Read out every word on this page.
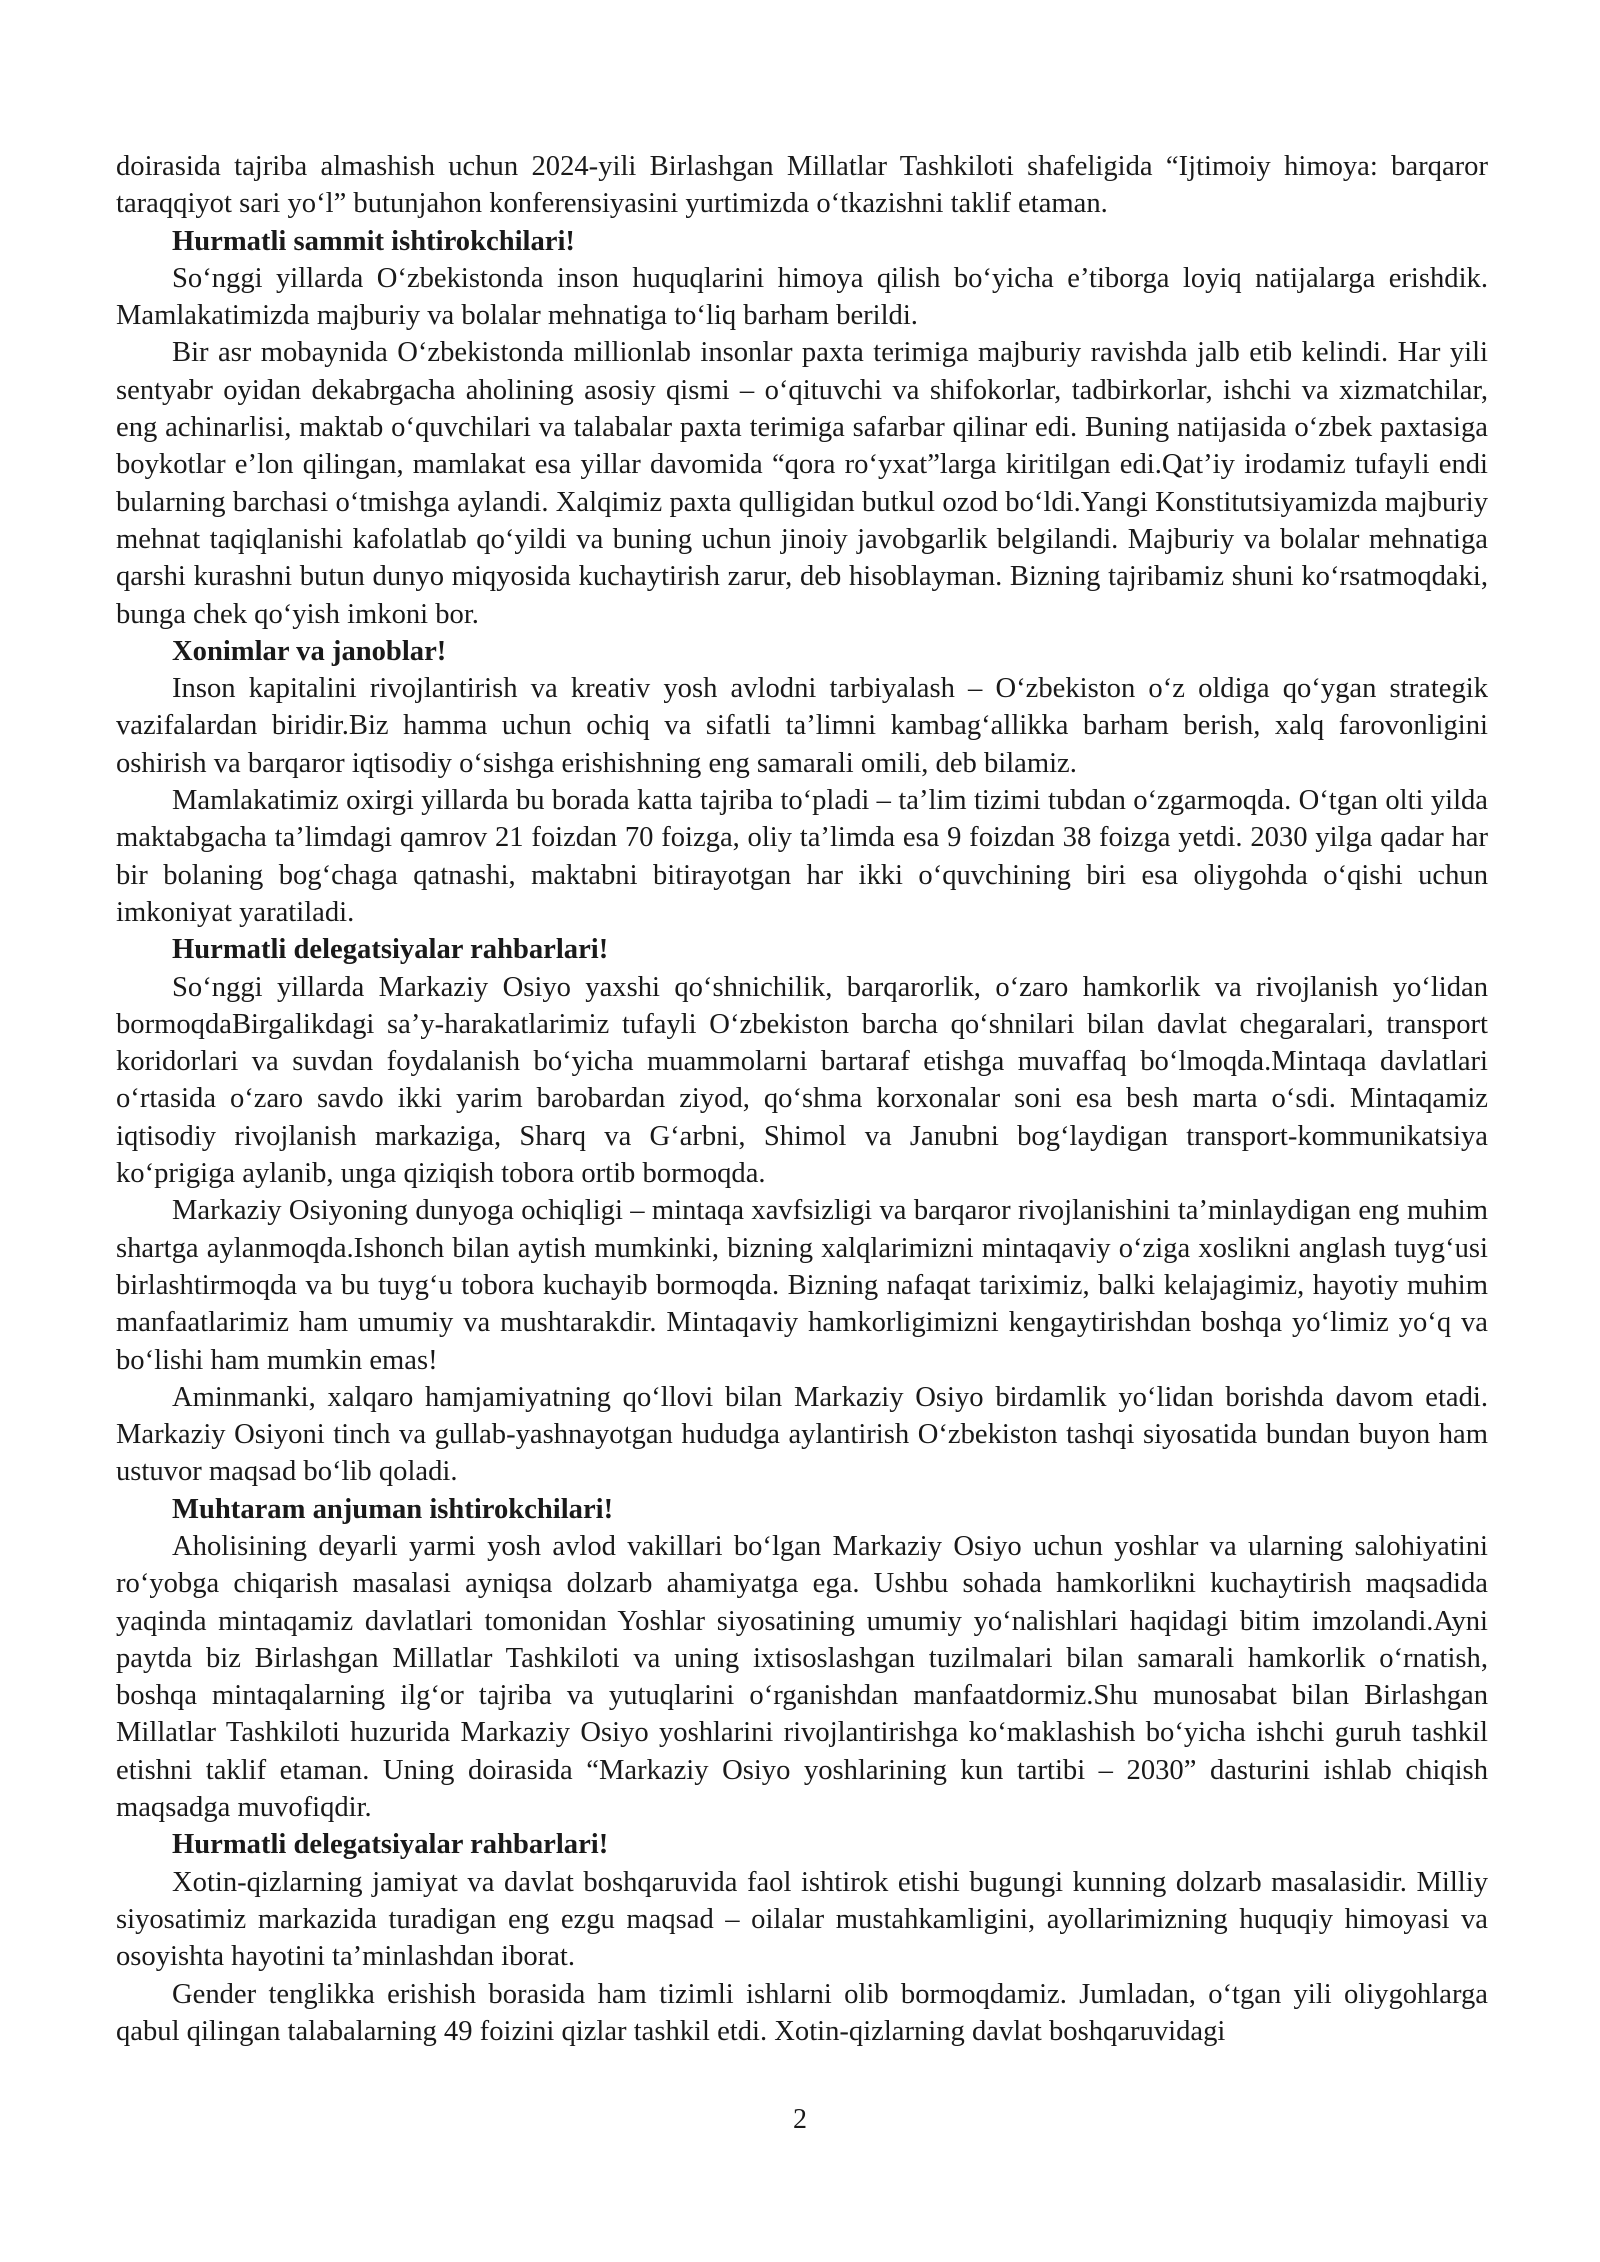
doirasida tajriba almashish uchun 2024-yili Birlashgan Millatlar Tashkiloti shafeligida “Ijtimoiy himoya: barqaror taraqqiyot sari yoʻl” butunjahon konferensiyasini yurtimizda oʻtkazishni taklif etaman.

Hurmatli sammit ishtirokchilari!

Soʻnggi yillarda Oʻzbekistonda inson huquqlarini himoya qilish boʻyicha e’tiborga loyiq natijalarga erishdik. Mamlakatimizda majburiy va bolalar mehnatiga toʻliq barham berildi.

Bir asr mobaynida Oʻzbekistonda millionlab insonlar paxta terimiga majburiy ravishda jalb etib kelindi. Har yili sentyabr oyidan dekabrgacha aholining asosiy qismi – oʻqituvchi va shifokorlar, tadbirkorlar, ishchi va xizmatchilar, eng achinarlisi, maktab oʻquvchilari va talabalar paxta terimiga safarbar qilinar edi. Buning natijasida oʻzbek paxtasiga boykotlar e’lon qilingan, mamlakat esa yillar davomida “qora roʻyxat”larga kiritilgan edi.Qat’iy irodamiz tufayli endi bularning barchasi oʻtmishga aylandi. Xalqimiz paxta qulligidan butkul ozod boʻldi.Yangi Konstitutsiyamizda majburiy mehnat taqiqlanishi kafolatlab qoʻyildi va buning uchun jinoiy javobgarlik belgilandi. Majburiy va bolalar mehnatiga qarshi kurashni butun dunyo miqyosida kuchaytirish zarur, deb hisoblayman. Bizning tajribamiz shuni koʻrsatmoqdaki, bunga chek qoʻyish imkoni bor.

Xonimlar va janoblar!

Inson kapitalini rivojlantirish va kreativ yosh avlodni tarbiyalash – Oʻzbekiston oʻz oldiga qoʻygan strategik vazifalardan biridir.Biz hamma uchun ochiq va sifatli ta’limni kambagʻallikka barham berish, xalq farovonligini oshirish va barqaror iqtisodiy oʻsishga erishishning eng samarali omili, deb bilamiz.

Mamlakatimiz oxirgi yillarda bu borada katta tajriba toʻpladi – ta’lim tizimi tubdan oʻzgarmoqda. Oʻtgan olti yilda maktabgacha ta’limdagi qamrov 21 foizdan 70 foizga, oliy ta’limda esa 9 foizdan 38 foizga yetdi. 2030 yilga qadar har bir bolaning bogʻchaga qatnashi, maktabni bitirayotgan har ikki oʻquvchining biri esa oliygohda oʻqishi uchun imkoniyat yaratiladi.

Hurmatli delegatsiyalar rahbarlari!

Soʻnggi yillarda Markaziy Osiyo yaxshi qoʻshnichilik, barqarorlik, oʻzaro hamkorlik va rivojlanish yoʻlidan bormoqdaBirgalikdagi sa’y-harakatlarimiz tufayli Oʻzbekiston barcha qoʻshnilari bilan davlat chegaralari, transport koridorlari va suvdan foydalanish boʻyicha muammolarni bartaraf etishga muvaffaq boʻlmoqda.Mintaqa davlatlari oʻrtasida oʻzaro savdo ikki yarim barobardan ziyod, qoʻshma korxonalar soni esa besh marta oʻsdi. Mintaqamiz iqtisodiy rivojlanish markaziga, Sharq va Gʻarbni, Shimol va Janubni bogʻlaydigan transport-kommunikatsiya koʻprigiga aylanib, unga qiziqish tobora ortib bormoqda.

Markaziy Osiyoning dunyoga ochiqligi – mintaqa xavfsizligi va barqaror rivojlanishini ta’minlaydigan eng muhim shartga aylanmoqda.Ishonch bilan aytish mumkinki, bizning xalqlarimizni mintaqaviy oʻziga xoslikni anglash tuygʻusi birlashtirmoqda va bu tuygʻu tobora kuchayib bormoqda. Bizning nafaqat tariximiz, balki kelajagimiz, hayotiy muhim manfaatlarimiz ham umumiy va mushtarakdir. Mintaqaviy hamkorligimizni kengaytirishdan boshqa yoʻlimiz yoʻq va boʻlishi ham mumkin emas!

Aminmanki, xalqaro hamjamiyatning qoʻllovi bilan Markaziy Osiyo birdamlik yoʻlidan borishda davom etadi. Markaziy Osiyoni tinch va gullab-yashnayotgan hududga aylantirish Oʻzbekiston tashqi siyosatida bundan buyon ham ustuvor maqsad boʻlib qoladi.

Muhtaram anjuman ishtirokchilari!

Aholisining deyarli yarmi yosh avlod vakillari boʻlgan Markaziy Osiyo uchun yoshlar va ularning salohiyatini roʻyobga chiqarish masalasi ayniqsa dolzarb ahamiyatga ega. Ushbu sohada hamkorlikni kuchaytirish maqsadida yaqinda mintaqamiz davlatlari tomonidan Yoshlar siyosatining umumiy yoʻnalishlari haqidagi bitim imzolandi.Ayni paytda biz Birlashgan Millatlar Tashkiloti va uning ixtisoslashgan tuzilmalari bilan samarali hamkorlik oʻrnatish, boshqa mintaqalarning ilgʻor tajriba va yutuqlarini oʻrganishdan manfaatdormiz.Shu munosabat bilan Birlashgan Millatlar Tashkiloti huzurida Markaziy Osiyo yoshlarini rivojlantirishga koʻmaklashish boʻyicha ishchi guruh tashkil etishni taklif etaman. Uning doirasida “Markaziy Osiyo yoshlarining kun tartibi – 2030” dasturini ishlab chiqish maqsadga muvofiqdir.

Hurmatli delegatsiyalar rahbarlari!

Xotin-qizlarning jamiyat va davlat boshqaruvida faol ishtirok etishi bugungi kunning dolzarb masalasidir. Milliy siyosatimiz markazida turadigan eng ezgu maqsad – oilalar mustahkamligini, ayollarimizning huquqiy himoyasi va osoyishta hayotini ta’minlashdan iborat.

Gender tenglikka erishish borasida ham tizimli ishlarni olib bormoqdamiz. Jumladan, oʻtgan yili oliygohlarga qabul qilingan talabalarning 49 foizini qizlar tashkil etdi. Xotin-qizlarning davlat boshqaruvidagi

2
